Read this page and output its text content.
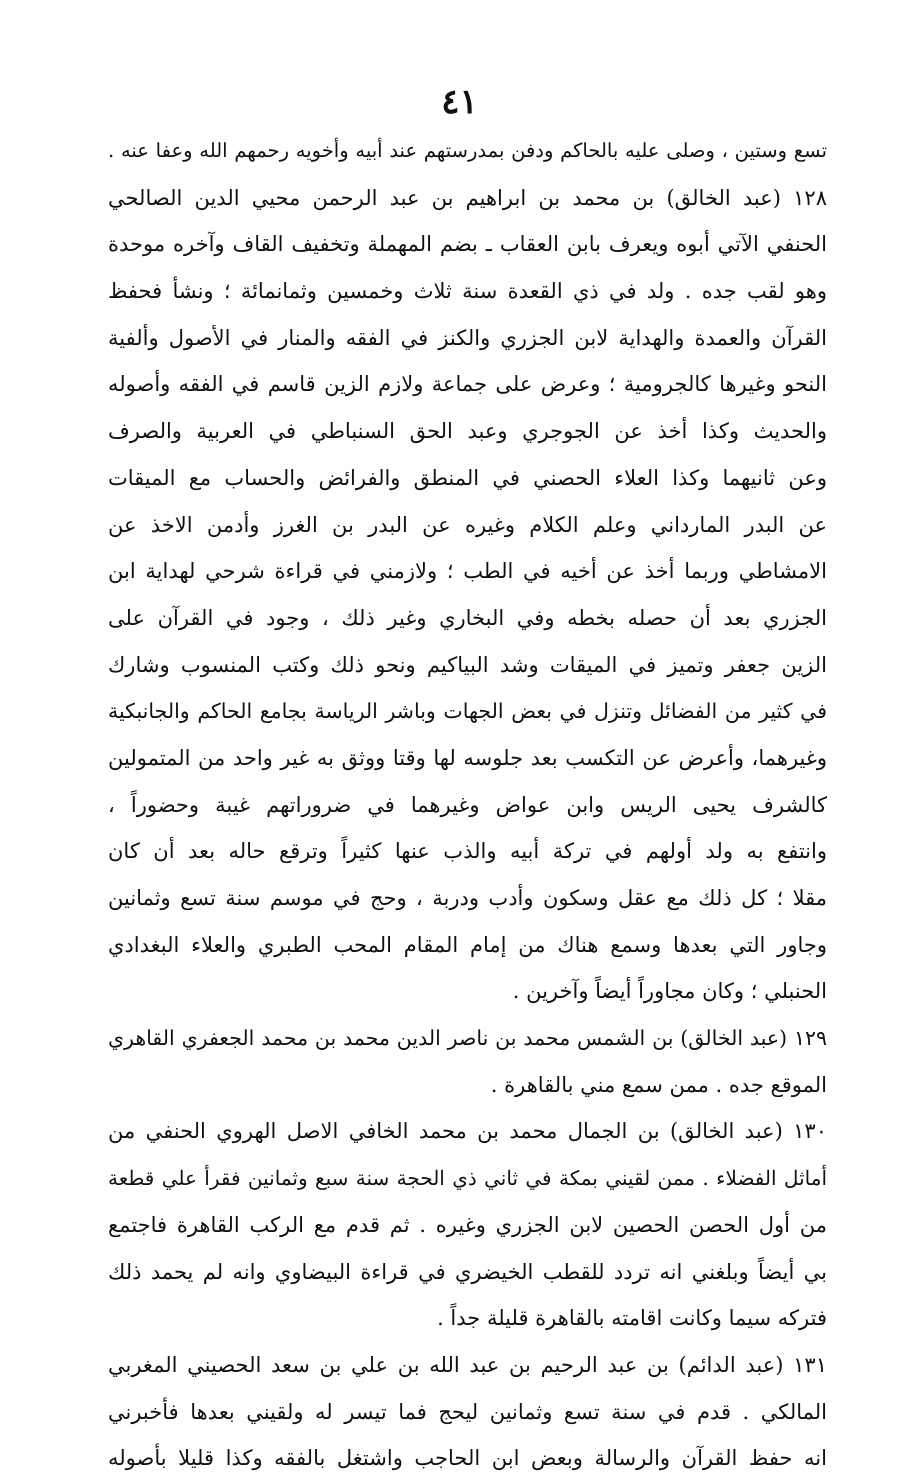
٤١
تسع وستين ، وصلى عليه بالحاكم ودفن بمدرستهم عند أبيه وأخويه رحمهم الله وعفا عنه .
١٢٨ (عبد الخالق) بن محمد بن ابراهيم بن عبد الرحمن محيي الدين الصالحي
الحنفي الآتي أبوه ويعرف بابن العقاب ـ بضم المهملة وتخفيف القاف وآخره موحدة
وهو لقب جده . ولد في ذي القعدة سنة ثلاث وخمسين وثمانمائة ؛ ونشأ فحفظ
القرآن والعمدة والهداية لابن الجزري والكنز في الفقه والمنار في الأصول وألفية
النحو وغيرها كالجرومية ؛ وعرض على جماعة ولازم الزين قاسم في الفقه وأصوله
والحديث وكذا أخذ عن الجوجري وعبد الحق السنباطي في العربية والصرف
وعن ثانيهما وكذا العلاء الحصني في المنطق والفرائض والحساب مع الميقات
عن البدر المارداني وعلم الكلام وغيره عن البدر بن الغرز وأدمن الاخذ عن
الامشاطي وربما أخذ عن أخيه في الطب ؛ ولازمني في قراءة شرحي لهداية ابن
الجزري بعد أن حصله بخطه وفي البخاري وغير ذلك ، وجود في القرآن على
الزين جعفر وتميز في الميقات وشد البياكيم ونحو ذلك وكتب المنسوب وشارك
في كثير من الفضائل وتنزل في بعض الجهات وباشر الرياسة بجامع الحاكم والجانبكية
وغيرهما، وأعرض عن التكسب بعد جلوسه لها وقتا ووثق به غير واحد من المتمولين
كالشرف يحيى الريس وابن عواض وغيرهما في ضروراتهم غيبة وحضوراً ،
وانتفع به ولد أولهم في تركة أبيه والذب عنها كثيراً وترقع حاله بعد أن كان
مقلا ؛ كل ذلك مع عقل وسكون وأدب ودربة ، وحج في موسم سنة تسع وثمانين
وجاور التي بعدها وسمع هناك من إمام المقام المحب الطبري والعلاء البغدادي
الحنبلي ؛ وكان مجاوراً أيضاً وآخرين .
١٢٩ (عبد الخالق) بن الشمس محمد بن ناصر الدين محمد بن محمد الجعفري القاهري
الموقع جده . ممن سمع مني بالقاهرة .
١٣٠ (عبد الخالق) بن الجمال محمد بن محمد الخافي الاصل الهروي الحنفي من
أماثل الفضلاء . ممن لقيني بمكة في ثاني ذي الحجة سنة سبع وثمانين فقرأ علي قطعة
من أول الحصن الحصين لابن الجزري وغيره . ثم قدم مع الركب القاهرة فاجتمع
بي أيضاً وبلغني انه تردد للقطب الخيضري في قراءة البيضاوي وانه لم يحمد ذلك
فتركه سيما وكانت اقامته بالقاهرة قليلة جداً .
١٣١ (عبد الدائم) بن عبد الرحيم بن عبد الله بن علي بن سعد الحصيني المغربي
المالكي . قدم في سنة تسع وثمانين ليحج فما تيسر له ولقيني بعدها فأخبرني
انه حفظ القرآن والرسالة وبعض ابن الحاجب واشتغل بالفقه وكذا قليلا بأصوله
